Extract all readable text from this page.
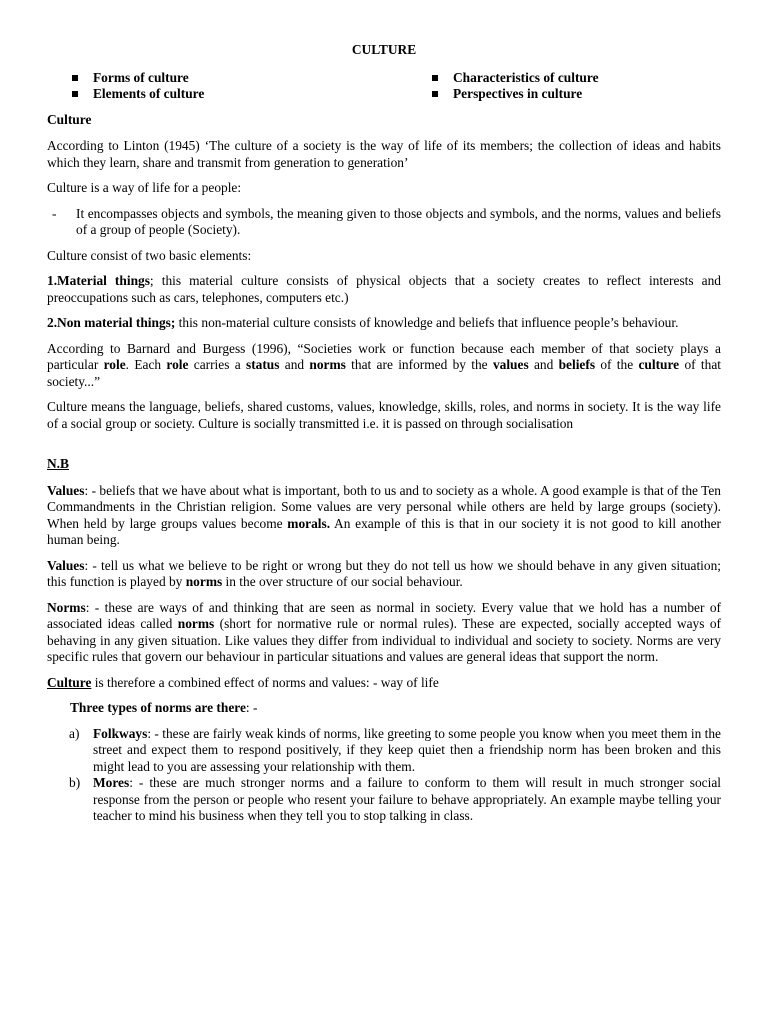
CULTURE
Forms of culture
Elements of culture
Characteristics of culture
Perspectives in culture
Culture

According to Linton (1945) ‘The culture of a society is the way of life of its members; the collection of ideas and habits which they learn, share and transmit from generation to generation’

Culture is a way of life for a people:

- It encompasses objects and symbols, the meaning given to those objects and symbols, and the norms, values and beliefs of a group of people (Society).

Culture consist of two basic elements:

1.Material things; this material culture consists of physical objects that a society creates to reflect interests and preoccupations such as cars, telephones, computers etc.)

2.Non material things; this non-material culture consists of knowledge and beliefs that influence people’s behaviour.

According to Barnard and Burgess (1996), “Societies work or function because each member of that society plays a particular role. Each role carries a status and norms that are informed by the values and beliefs of the culture of that society...”

Culture means the language, beliefs, shared customs, values, knowledge, skills, roles, and norms in society. It is the way life of a social group or society. Culture is socially transmitted i.e. it is passed on through socialisation

N.B

Values: - beliefs that we have about what is important, both to us and to society as a whole. A good example is that of the Ten Commandments in the Christian religion. Some values are very personal while others are held by large groups (society). When held by large groups values become morals. An example of this is that in our society it is not good to kill another human being.

Values: - tell us what we believe to be right or wrong but they do not tell us how we should behave in any given situation; this function is played by norms in the over structure of our social behaviour.

Norms: - these are ways of and thinking that are seen as normal in society. Every value that we hold has a number of associated ideas called norms (short for normative rule or normal rules). These are expected, socially accepted ways of behaving in any given situation. Like values they differ from individual to individual and society to society. Norms are very specific rules that govern our behaviour in particular situations and values are general ideas that support the norm.

Culture is therefore a combined effect of norms and values: - way of life

Three types of norms are there: -
a) Folkways: - these are fairly weak kinds of norms, like greeting to some people you know when you meet them in the street and expect them to respond positively, if they keep quiet then a friendship norm has been broken and this might lead to you are assessing your relationship with them.
b) Mores: - these are much stronger norms and a failure to conform to them will result in much stronger social response from the person or people who resent your failure to behave appropriately. An example maybe telling your teacher to mind his business when they tell you to stop talking in class.
